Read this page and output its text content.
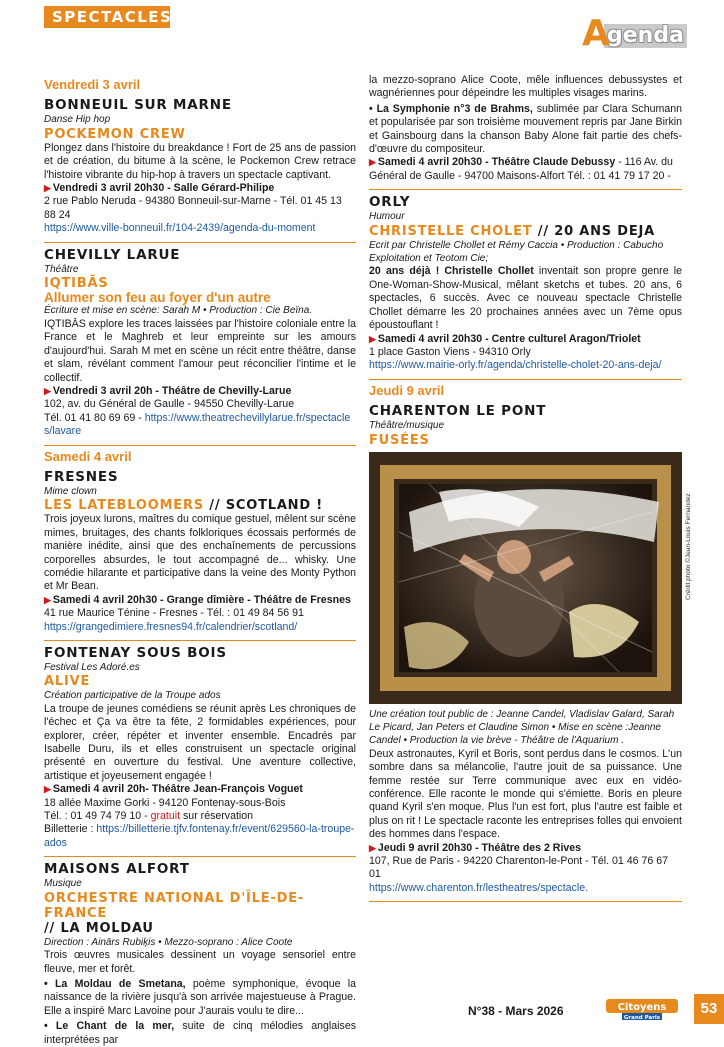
SPECTACLES
genda
A
Vendredi 3 avril
BONNEUIL SUR MARNE
Danse Hip hop
POCKEMON CREW
Plongez dans l'histoire du breakdance ! Fort de 25 ans de passion et de création, du bitume à la scène, le Pockemon Crew retrace l'histoire vibrante du hip-hop à travers un spectacle captivant.
▶ Vendredi 3 avril 20h30 - Salle Gérard-Philipe
2 rue Pablo Neruda - 94380 Bonneuil-sur-Marne - Tél. 01 45 13 88 24
https://www.ville-bonneuil.fr/104-2439/agenda-du-moment
CHEVILLY LARUE
Théâtre
IQTIBĀS
Allumer son feu au foyer d'un autre
Écriture et mise en scène: Sarah M • Production : Cie Beïna.
IQTIBĀS explore les traces laissées par l'histoire coloniale entre la France et le Maghreb et leur empreinte sur les amours d'aujourd'hui. Sarah M met en scène un récit entre théâtre, danse et slam, révélant comment l'amour peut réconcilier l'intime et le collectif.
▶ Vendredi 3 avril 20h - Théâtre de Chevilly-Larue
102, av. du Général de Gaulle - 94550 Chevilly-Larue
Tél. 01 41 80 69 69 - https://www.theatrechevillylarue.fr/spectacles/lavare
Samedi 4 avril
FRESNES
Mime clown
LES LATEBLOOMERS // SCOTLAND !
Trois joyeux lurons, maîtres du comique gestuel, mêlent sur scène mimes, bruitages, des chants folkloriques écossais performés de manière inédite, ainsi que des enchaînements de percussions corporelles absurdes, le tout accompagné de... whisky. Une comédie hilarante et participative dans la veine des Monty Python et Mr Bean.
▶ Samedi 4 avril 20h30 - Grange dîmière - Théâtre de Fresnes
41 rue Maurice Ténine - Fresnes - Tél. : 01 49 84 56 91
https://grangedimiere.fresnes94.fr/calendrier/scotland/
FONTENAY SOUS BOIS
Festival Les Adoré.es
ALIVE
Création participative de la Troupe ados
La troupe de jeunes comédiens se réunit après Les chroniques de l'échec et Ça va être ta fête, 2 formidables expériences, pour explorer, créer, répéter et inventer ensemble. Encadrés par Isabelle Duru, ils et elles construisent un spectacle original présenté en ouverture du festival. Une aventure collective, artistique et joyeusement engagée !
▶ Samedi 4 avril 20h- Théâtre Jean-François Voguet
18 allée Maxime Gorki - 94120 Fontenay-sous-Bois
Tél. : 01 49 74 79 10 - gratuit sur réservation
Billetterie : https://billetterie.tjfv.fontenay.fr/event/629560-la-troupe-ados
MAISONS ALFORT
Musique
ORCHESTRE NATIONAL D'ÎLE-DE-FRANCE
// LA MOLDAU
Direction : Ainārs Rubiķis • Mezzo-soprano : Alice Coote
Trois œuvres musicales dessinent un voyage sensoriel entre fleuve, mer et forêt.
• La Moldau de Smetana, poème symphonique, évoque la naissance de la rivière jusqu'à son arrivée majestueuse à Prague. Elle a inspiré Marc Lavoine pour J'aurais voulu te dire...
• Le Chant de la mer, suite de cinq mélodies anglaises interprétées par
la mezzo-soprano Alice Coote, mêle influences debussystes et wagnériennes pour dépeindre les multiples visages marins.
• La Symphonie n°3 de Brahms, sublimée par Clara Schumann et popularisée par son troisième mouvement repris par Jane Birkin et Gainsbourg dans la chanson Baby Alone fait partie des chefs-d'œuvre du compositeur.
▶ Samedi 4 avril 20h30 - Théâtre Claude Debussy - 116 Av. du Général de Gaulle - 94700 Maisons-Alfort Tél. : 01 41 79 17 20 -
ORLY
Humour
CHRISTELLE CHOLET // 20 ANS DEJA
Ecrit par Christelle Chollet et Rémy Caccia • Production : Cabucho Exploitation et Teotom Cie;
20 ans déjà ! Christelle Chollet inventait son propre genre le One-Woman-Show-Musical, mêlant sketchs et tubes. 20 ans, 6 spectacles, 6 succès. Avec ce nouveau spectacle Christelle Chollet démarre les 20 prochaines années avec un 7ème opus époustouflant !
▶ Samedi 4 avril 20h30 - Centre culturel Aragon/Triolet
1 place Gaston Viens - 94310 Orly
https://www.mairie-orly.fr/agenda/christelle-cholet-20-ans-deja/
Jeudi 9 avril
CHARENTON LE PONT
Théâtre/musique
FUSÉES
Une création tout public de : Jeanne Candel, Vladislav Galard, Sarah Le Picard, Jan Peters et Claudine Simon • Mise en scène :Jeanne Candel • Production la vie brève - Théâtre de l'Aquarium .
Deux astronautes, Kyril et Boris, sont perdus dans le cosmos. L'un sombre dans sa mélancolie, l'autre jouit de sa puissance. Une femme restée sur Terre communique avec eux en vidéo-conférence. Elle raconte le monde qui s'émiette. Boris en pleure quand Kyril s'en moque. Plus l'un est fort, plus l'autre est faible et plus on rit ! Le spectacle raconte les entreprises folles qui envoient des hommes dans l'espace.
▶ Jeudi 9 avril 20h30 - Théâtre des 2 Rives
107, Rue de Paris - 94220 Charenton-le-Pont - Tél. 01 46 76 67 01
https://www.charenton.fr/lestheatres/spectacle.
Crédit photo ©Jean-Louis Fernandez
N°38 - Mars 2026	Citoyens
Grand Paris
53
